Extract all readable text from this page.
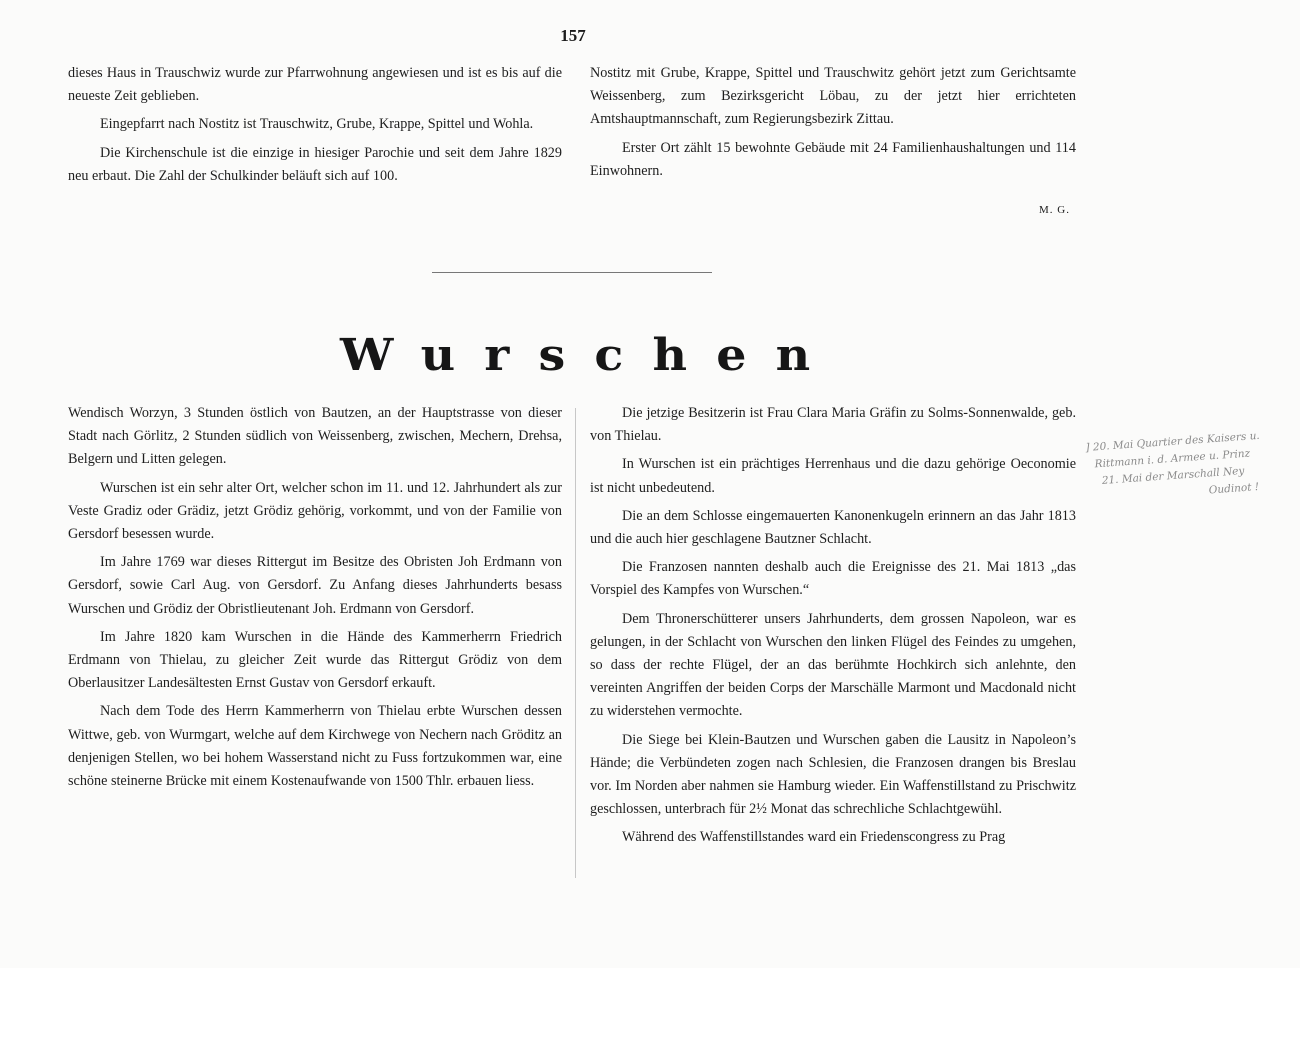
157

dieses Haus in Trauschwiz wurde zur Pfarrwohnung angewiesen und ist es bis auf die neueste Zeit geblieben.

Eingepfarrt nach Nostitz ist Trauschwitz, Grube, Krappe, Spittel und Wohla.

Die Kirchenschule ist die einzige in hiesiger Parochie und seit dem Jahre 1829 neu erbaut. Die Zahl der Schulkinder beläuft sich auf 100.

Nostitz mit Grube, Krappe, Spittel und Trauschwitz gehört jetzt zum Gerichtsamte Weissenberg, zum Bezirksgericht Löbau, zu der jetzt hier errichteten Amtshauptmannschaft, zum Regierungsbezirk Zittau.

Erster Ort zählt 15 bewohnte Gebäude mit 24 Familienhaushaltungen und 114 Einwohnern.

M. G.
Wurschen

Wendisch Worzyn, 3 Stunden östlich von Bautzen, an der Hauptstrasse von dieser Stadt nach Görlitz, 2 Stunden südlich von Weissenberg, zwischen, Mechern, Drehsa, Belgern und Litten gelegen.

Wurschen ist ein sehr alter Ort, welcher schon im 11. und 12. Jahrhundert als zur Veste Gradiz oder Grädiz, jetzt Grödiz gehörig, vorkommt, und von der Familie von Gersdorf besessen wurde.

Im Jahre 1769 war dieses Rittergut im Besitze des Obristen Joh Erdmann von Gersdorf, sowie Carl Aug. von Gersdorf. Zu Anfang dieses Jahrhunderts besass Wurschen und Grödiz der Obristlieutenant Joh. Erdmann von Gersdorf.

Im Jahre 1820 kam Wurschen in die Hände des Kammerherrn Friedrich Erdmann von Thielau, zu gleicher Zeit wurde das Rittergut Grödiz von dem Oberlausitzer Landesältesten Ernst Gustav von Gersdorf erkauft.

Nach dem Tode des Herrn Kammerherrn von Thielau erbte Wurschen dessen Wittwe, geb. von Wurmgart, welche auf dem Kirchwege von Nechern nach Gröditz an denjenigen Stellen, wo bei hohem Wasserstand nicht zu Fuss fortzukommen war, eine schöne steinerne Brücke mit einem Kostenaufwande von 1500 Thlr. erbauen liess.

Die jetzige Besitzerin ist Frau Clara Maria Gräfin zu Solms-Sonnenwalde, geb. von Thielau.

In Wurschen ist ein prächtiges Herrenhaus und die dazu gehörige Oeconomie ist nicht unbedeutend.

Die an dem Schlosse eingemauerten Kanonenkugeln erinnern an das Jahr 1813 und die auch hier geschlagene Bautzner Schlacht.

Die Franzosen nannten deshalb auch die Ereignisse des 21. Mai 1813 „das Vorspiel des Kampfes von Wurschen.“

Dem Thronerschütterer unsers Jahrhunderts, dem grossen Napoleon, war es gelungen, in der Schlacht von Wurschen den linken Flügel des Feindes zu umgehen, so dass der rechte Flügel, der an das berühmte Hochkirch sich anlehnte, den vereinten Angriffen der beiden Corps der Marschälle Marmont und Macdonald nicht zu widerstehen vermochte.

Die Siege bei Klein-Bautzen und Wurschen gaben die Lausitz in Napoleon’s Hände; die Verbündeten zogen nach Schlesien, die Franzosen drangen bis Breslau vor. Im Norden aber nahmen sie Hamburg wieder. Ein Waffenstillstand zu Prischwitz geschlossen, unterbrach für 2½ Monat das schrechliche Schlachtgewühl.

Während des Waffenstillstandes ward ein Friedenscongress zu Prag

] 20. Mai Quartier des Kaisers u.
Rittmann i. d. Armee u. Prinz
21. Mai der Marschall Ney
Oudinot !
